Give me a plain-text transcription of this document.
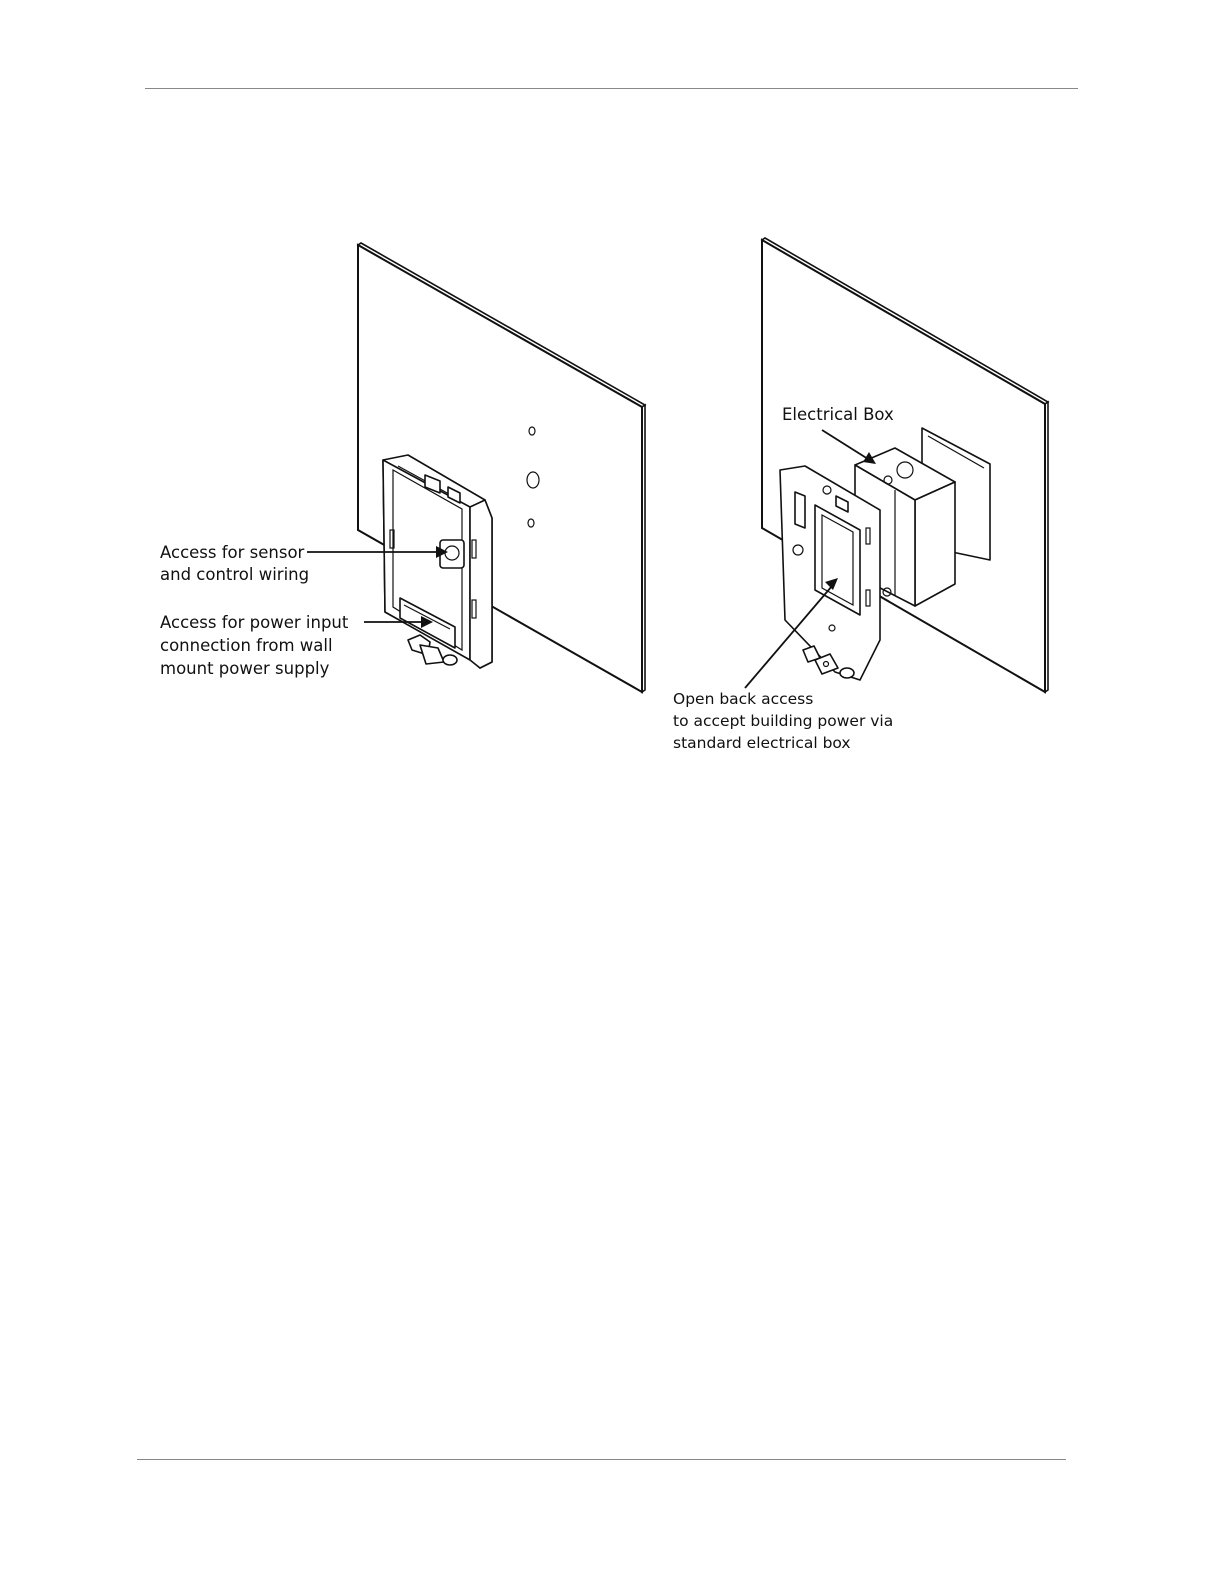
Access for sensor
and control wiring
Access for power input
connection from wall
mount power supply
Electrical Box
Open back access
to accept building power via
standard electrical box
